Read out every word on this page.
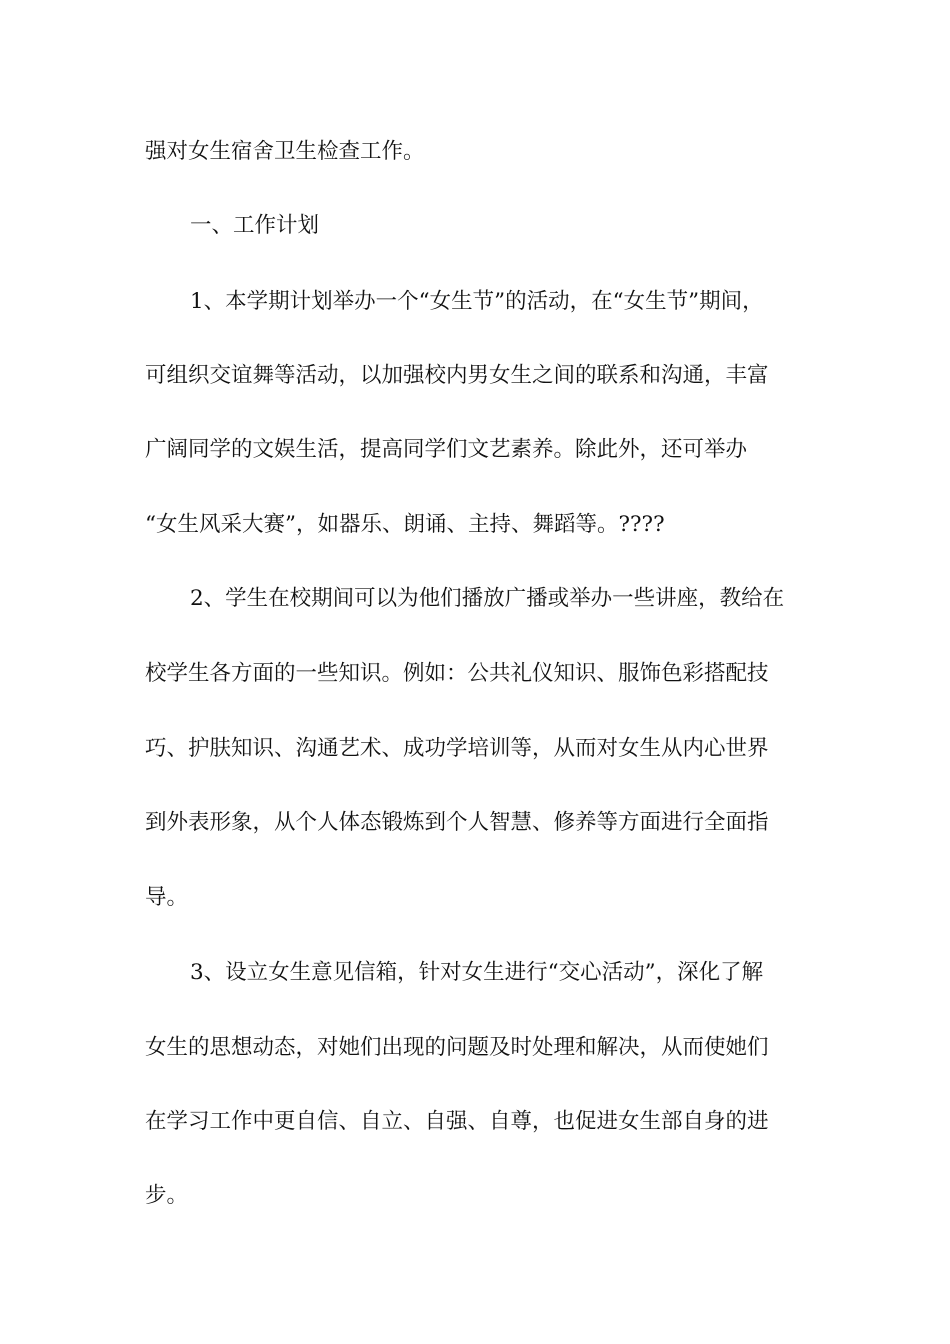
强对女生宿舍卫生检查工作。
一、工作计划
1、本学期计划举办一个“女生节”的活动，在“女生节”期间，
可组织交谊舞等活动，以加强校内男女生之间的联系和沟通，丰富
广阔同学的文娱生活，提高同学们文艺素养。除此外，还可举办
“女生风采大赛”，如器乐、朗诵、主持、舞蹈等。????
2、学生在校期间可以为他们播放广播或举办一些讲座，教给在
校学生各方面的一些知识。例如：公共礼仪知识、服饰色彩搭配技
巧、护肤知识、沟通艺术、成功学培训等，从而对女生从内心世界
到外表形象，从个人体态锻炼到个人智慧、修养等方面进行全面指
导。
3、设立女生意见信箱，针对女生进行“交心活动”，深化了解
女生的思想动态，对她们出现的问题及时处理和解决，从而使她们
在学习工作中更自信、自立、自强、自尊，也促进女生部自身的进
步。
